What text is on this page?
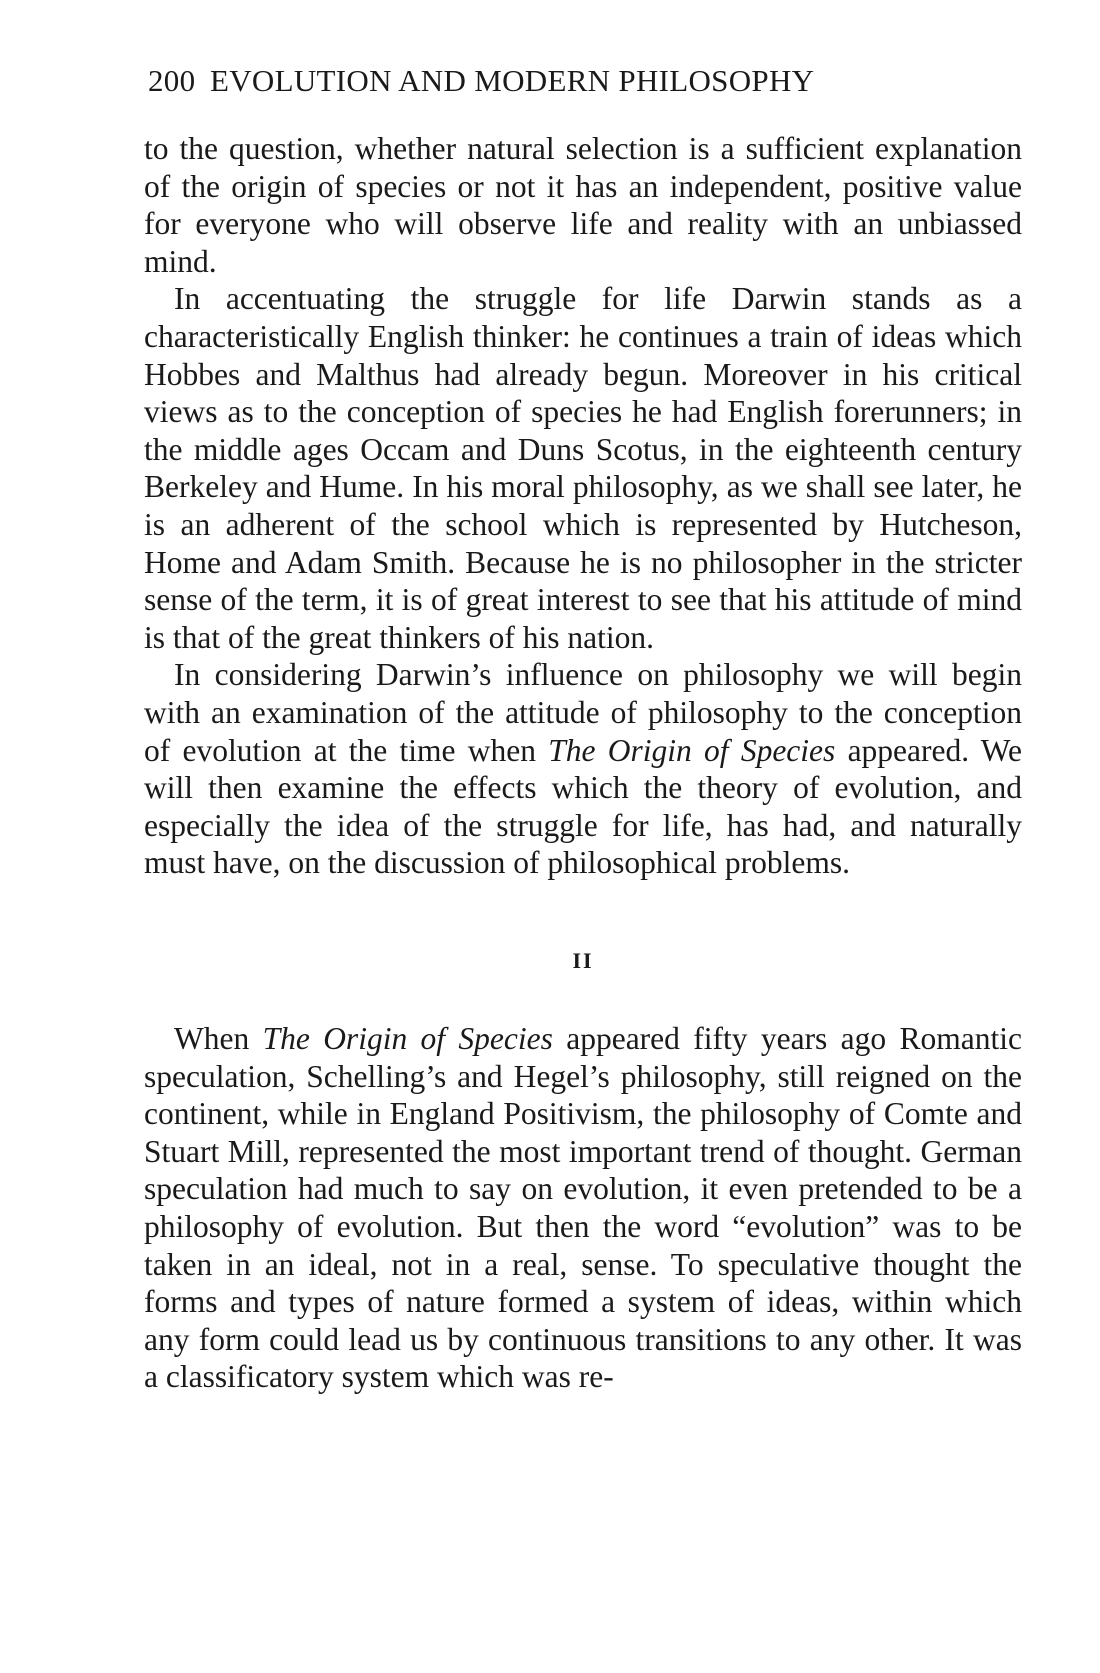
200 EVOLUTION AND MODERN PHILOSOPHY

to the question, whether natural selection is a sufficient explanation of the origin of species or not it has an independent, positive value for everyone who will observe life and reality with an unbiassed mind.

In accentuating the struggle for life Darwin stands as a characteristically English thinker: he continues a train of ideas which Hobbes and Malthus had already begun. Moreover in his critical views as to the conception of species he had English forerunners; in the middle ages Occam and Duns Scotus, in the eighteenth century Berkeley and Hume. In his moral philosophy, as we shall see later, he is an adherent of the school which is represented by Hutcheson, Home and Adam Smith. Because he is no philosopher in the stricter sense of the term, it is of great interest to see that his attitude of mind is that of the great thinkers of his nation.

In considering Darwin’s influence on philosophy we will begin with an examination of the attitude of philosophy to the conception of evolution at the time when The Origin of Species appeared. We will then examine the effects which the theory of evolution, and especially the idea of the struggle for life, has had, and naturally must have, on the discussion of philosophical problems.

II

When The Origin of Species appeared fifty years ago Romantic speculation, Schelling’s and Hegel’s philosophy, still reigned on the continent, while in England Positivism, the philosophy of Comte and Stuart Mill, represented the most important trend of thought. German speculation had much to say on evolution, it even pretended to be a philosophy of evolution. But then the word “evolution” was to be taken in an ideal, not in a real, sense. To speculative thought the forms and types of nature formed a system of ideas, within which any form could lead us by continuous transitions to any other. It was a classificatory system which was re-
